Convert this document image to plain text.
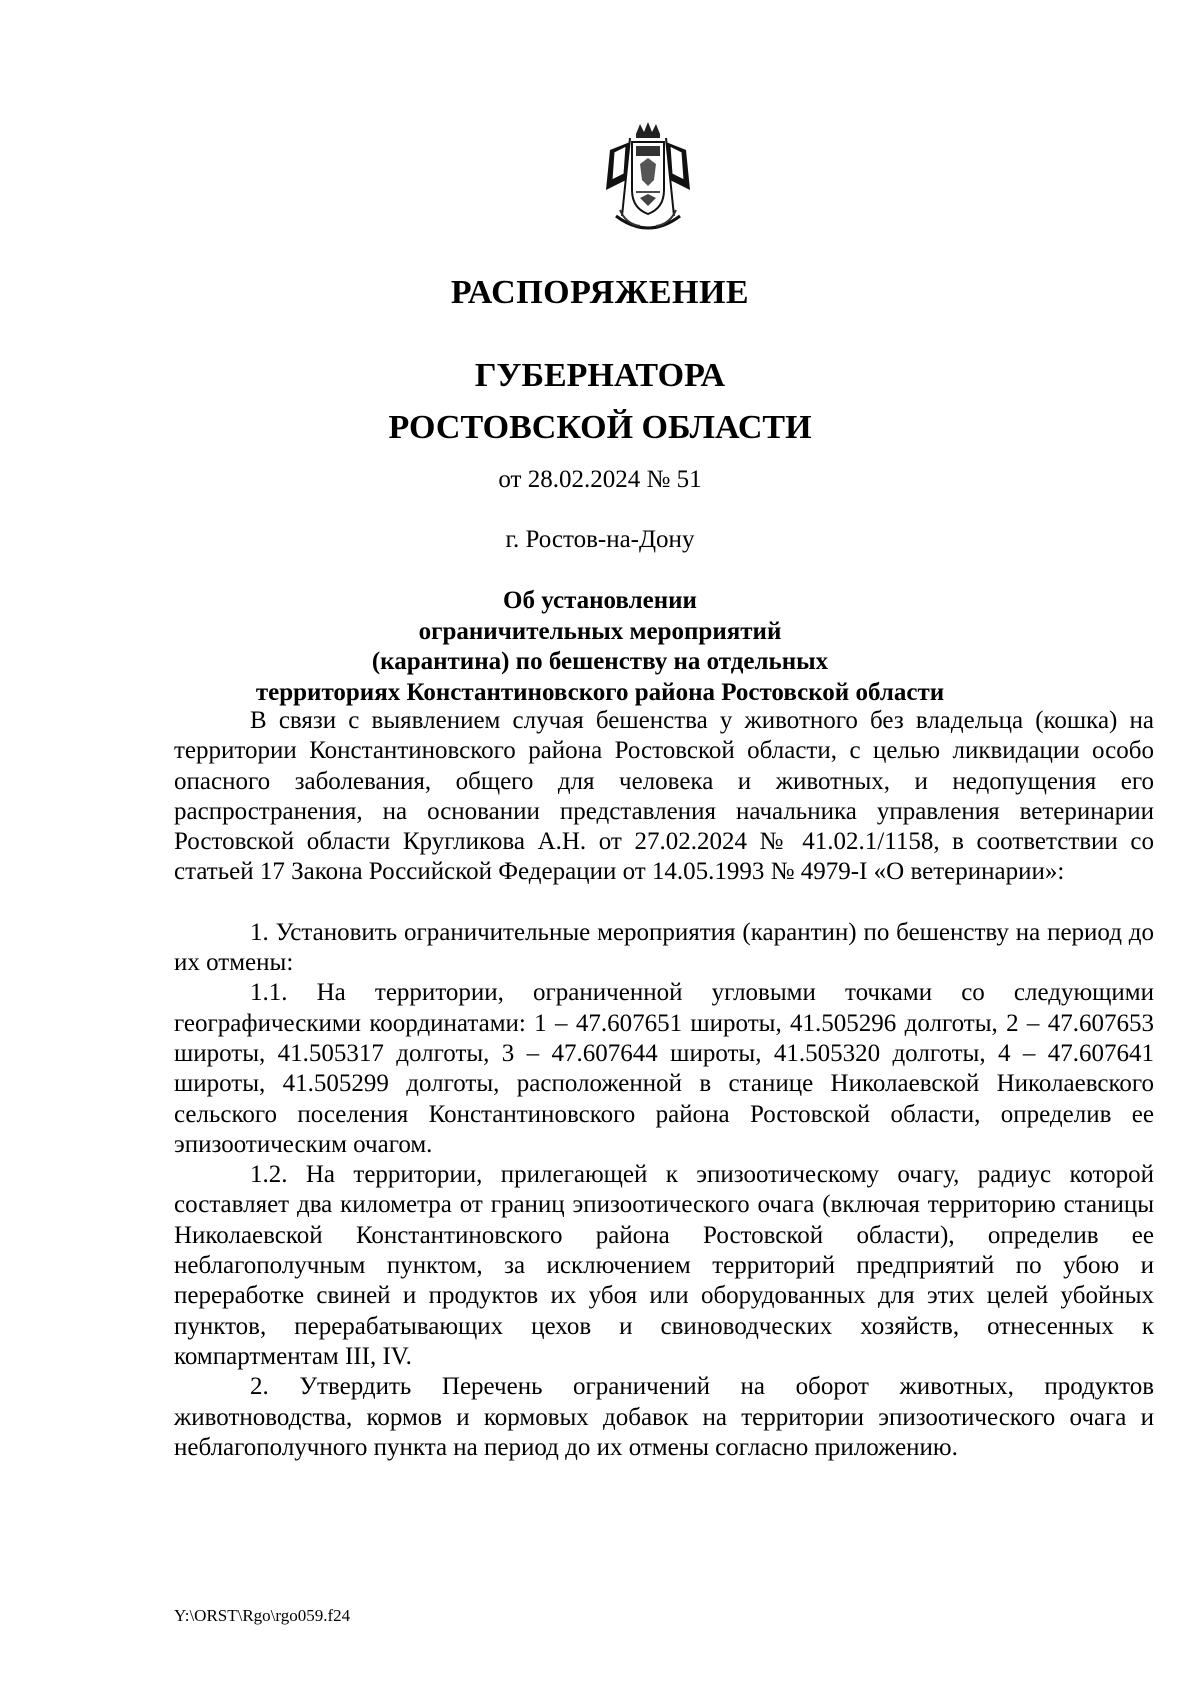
РАСПОРЯЖЕНИЕ
ГУБЕРНАТОРА
РОСТОВСКОЙ ОБЛАСТИ
от 28.02.2024 № 51
г. Ростов-на-Дону
Об установлении
ограничительных мероприятий
(карантина) по бешенству на отдельных
территориях Константиновского района Ростовской области

В связи с выявлением случая бешенства у животного без владельца (кошка) на территории Константиновского района Ростовской области, с целью ликвидации особо опасного заболевания, общего для человека и животных, и недопущения его распространения, на основании представления начальника управления ветеринарии Ростовской области Кругликова А.Н. от 27.02.2024 № 41.02.1/1158, в соответствии со статьей 17 Закона Российской Федерации от 14.05.1993 № 4979-I «О ветеринарии»:

1. Установить ограничительные мероприятия (карантин) по бешенству на период до их отмены:

1.1. На территории, ограниченной угловыми точками со следующими географическими координатами: 1 – 47.607651 широты, 41.505296 долготы, 2 – 47.607653 широты, 41.505317 долготы, 3 – 47.607644 широты, 41.505320 долготы, 4 – 47.607641 широты, 41.505299 долготы, расположенной в станице Николаевской Николаевского сельского поселения Константиновского района Ростовской области, определив ее эпизоотическим очагом.

1.2. На территории, прилегающей к эпизоотическому очагу, радиус которой составляет два километра от границ эпизоотического очага (включая территорию станицы Николаевской Константиновского района Ростовской области), определив ее неблагополучным пунктом, за исключением территорий предприятий по убою и переработке свиней и продуктов их убоя или оборудованных для этих целей убойных пунктов, перерабатывающих цехов и свиноводческих хозяйств, отнесенных к компартментам III, IV.

2. Утвердить Перечень ограничений на оборот животных, продуктов животноводства, кормов и кормовых добавок на территории эпизоотического очага и неблагополучного пункта на период до их отмены согласно приложению.

Y:\ORST\Rgo\rgo059.f24
